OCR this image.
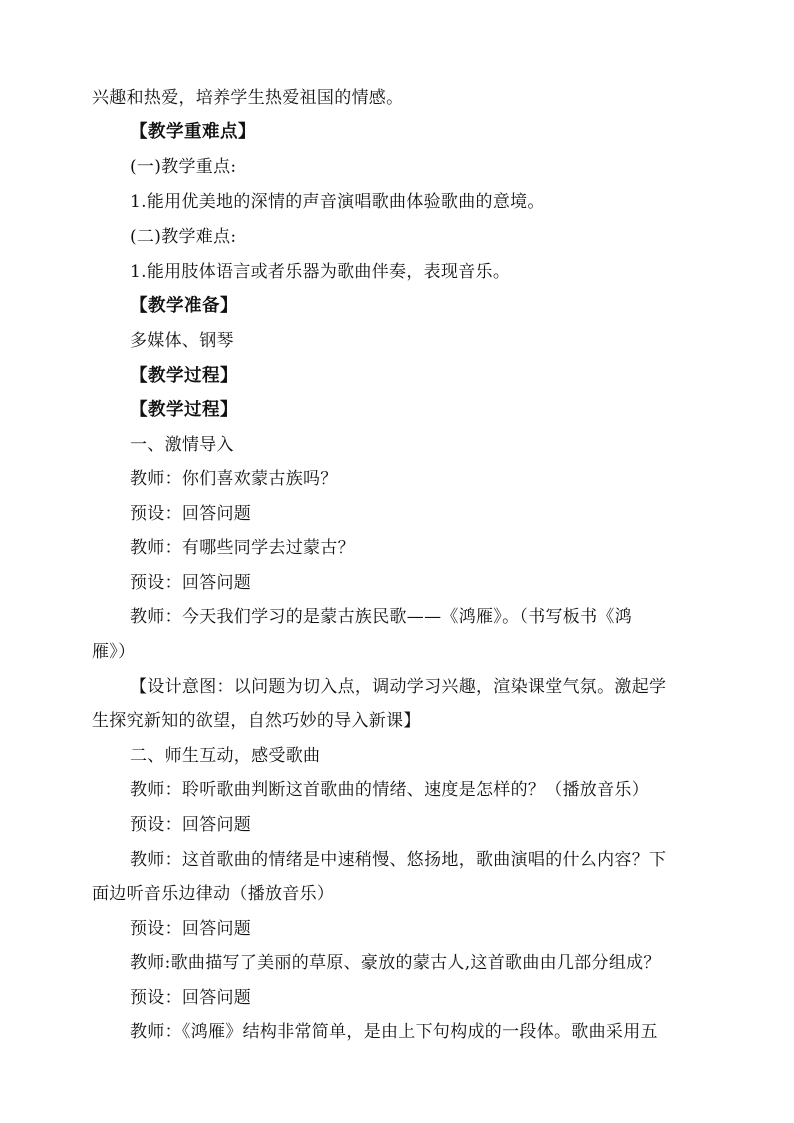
兴趣和热爱，培养学生热爱祖国的情感。
【教学重难点】
(一)教学重点:
1.能用优美地的深情的声音演唱歌曲体验歌曲的意境。
(二)教学难点:
1.能用肢体语言或者乐器为歌曲伴奏，表现音乐。
【教学准备】
多媒体、钢琴
【教学过程】
【教学过程】
一、激情导入
教师：你们喜欢蒙古族吗？
预设：回答问题
教师：有哪些同学去过蒙古？
预设：回答问题
教师：今天我们学习的是蒙古族民歌——《鸿雁》。（书写板书《鸿
雁》）
【设计意图：以问题为切入点，调动学习兴趣，渲染课堂气氛。激起学
生探究新知的欲望，自然巧妙的导入新课】
二、师生互动，感受歌曲
教师：聆听歌曲判断这首歌曲的情绪、速度是怎样的？（播放音乐）
预设：回答问题
教师：这首歌曲的情绪是中速稍慢、悠扬地，歌曲演唱的什么内容？下
面边听音乐边律动（播放音乐）
预设：回答问题
教师:歌曲描写了美丽的草原、豪放的蒙古人,这首歌曲由几部分组成？
预设：回答问题
教师：《鸿雁》结构非常简单，是由上下句构成的一段体。歌曲采用五
